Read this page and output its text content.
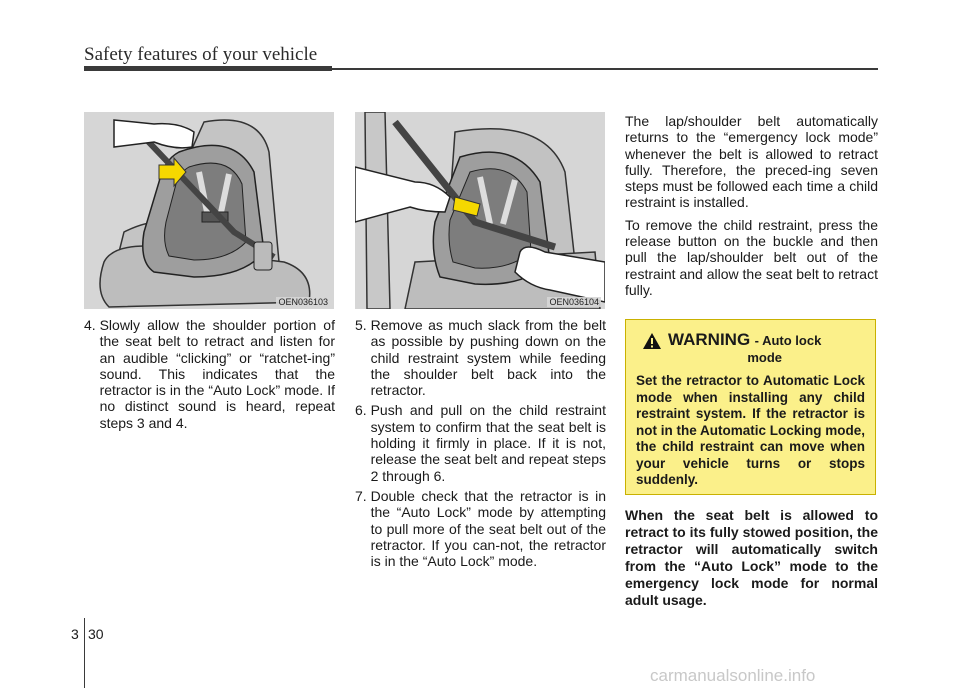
Safety features of your vehicle
OEN036103	OEN036104
4. Slowly allow the shoulder portion of the seat belt to retract and listen for an audible “clicking” or “ratchet-ing” sound. This indicates that the retractor is in the “Auto Lock” mode. If no distinct sound is heard, repeat steps 3 and 4.
5. Remove as much slack from the belt as possible by pushing down on the child restraint system while feeding the shoulder belt back into the retractor.
6. Push and pull on the child restraint system to confirm that the seat belt is holding it firmly in place. If it is not, release the seat belt and repeat steps 2 through 6.
7. Double check that the retractor is in the “Auto Lock” mode by attempting to pull more of the seat belt out of the retractor. If you can-not, the retractor is in the “Auto Lock” mode.

The lap/shoulder belt automatically returns to the “emergency lock mode” whenever the belt is allowed to retract fully. Therefore, the preced-ing seven steps must be followed each time a child restraint is installed.

To remove the child restraint, press the release button on the buckle and then pull the lap/shoulder belt out of the restraint and allow the seat belt to retract fully.

WARNING - Auto lock
mode
Set the retractor to Automatic Lock mode when installing any child restraint system. If the retractor is not in the Automatic Locking mode, the child restraint can move when your vehicle turns or stops suddenly.
When the seat belt is allowed to retract to its fully stowed position, the retractor will automatically switch from the “Auto Lock” mode to the emergency lock mode for normal adult usage.
3 30
carmanualsonline.info
